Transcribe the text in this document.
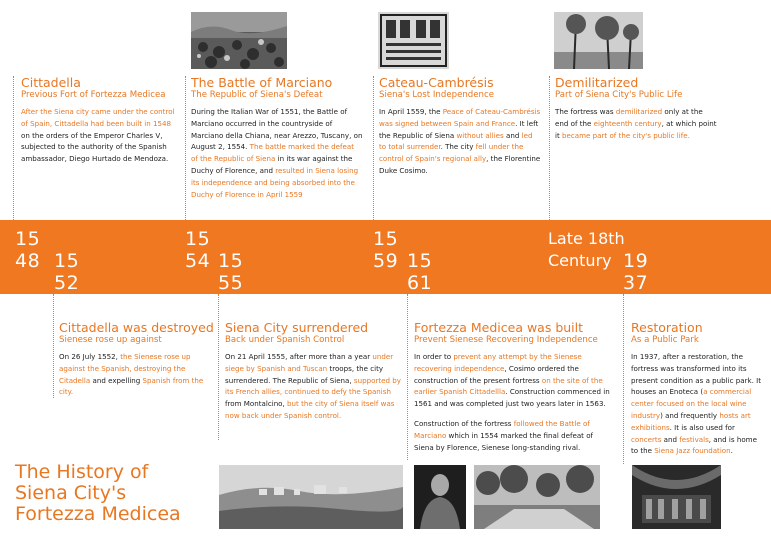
Cittadella
Previous Fort of Fortezza Medicea

After the Siena city came under the control of Spain, Cittadella had been built in 1548 on the orders of the Emperor Charles V, subjected to the authority of the Spanish ambassador, Diego Hurtado de Mendoza.

The Battle of Marciano
The Republic of Siena's Defeat

During the Italian War of 1551, the Battle of Marciano occurred in the countryside of Marciano della Chiana, near Arezzo, Tuscany, on August 2, 1554. The battle marked the defeat of the Republic of Siena in its war against the Duchy of Florence, and resulted in Siena losing its independence and being absorbed into the Duchy of Florence in April 1559

Cateau-Cambrésis
Siena's Lost Independence

In April 1559, the Peace of Cateau-Cambrésis was signed between Spain and France. It left the Republic of Siena without allies and led to total surrender. The city fell under the control of Spain's regional ally, the Florentine Duke Cosimo.

Demilitarized
Part of Siena City's Public Life

The fortress was demilitarized only at the end of the eighteenth century, at which point it became part of the city's public life.

15
48 15
52
15
54 15
55
15
59 15
61
Late 18th
Century 19
37
Cittadella was destroyed
Sienese rose up against

On 26 July 1552, the Sienese rose up against the Spanish, destroying the Citadella and expelling Spanish from the city.

Siena City surrendered
Back under Spanish Control

On 21 April 1555, after more than a year under siege by Spanish and Tuscan troops, the city surrendered. The Republic of Siena, supported by its French allies, continued to defy the Spanish from Montalcino, but the city of Siena itself was now back under Spanish control.

Fortezza Medicea was built
Prevent Sienese Recovering Independence

In order to prevent any attempt by the Sienese recovering independence, Cosimo ordered the construction of the present fortress on the site of the earlier Spanish Cittadellla. Construction commenced in 1561 and was completed just two years later in 1563.

Construction of the fortress followed the Battle of Marciano which in 1554 marked the final defeat of Siena by Florence, Sienese long-standing rival.

Restoration
As a Public Park

In 1937, after a restoration, the fortress was transformed into its present condition as a public park. It houses an Enoteca (a commercial center focused on the local wine industry) and frequently hosts art exhibitions. It is also used for concerts and festivals, and is home to the Siena Jazz foundation.

The History of
Siena City's
Fortezza Medicea
